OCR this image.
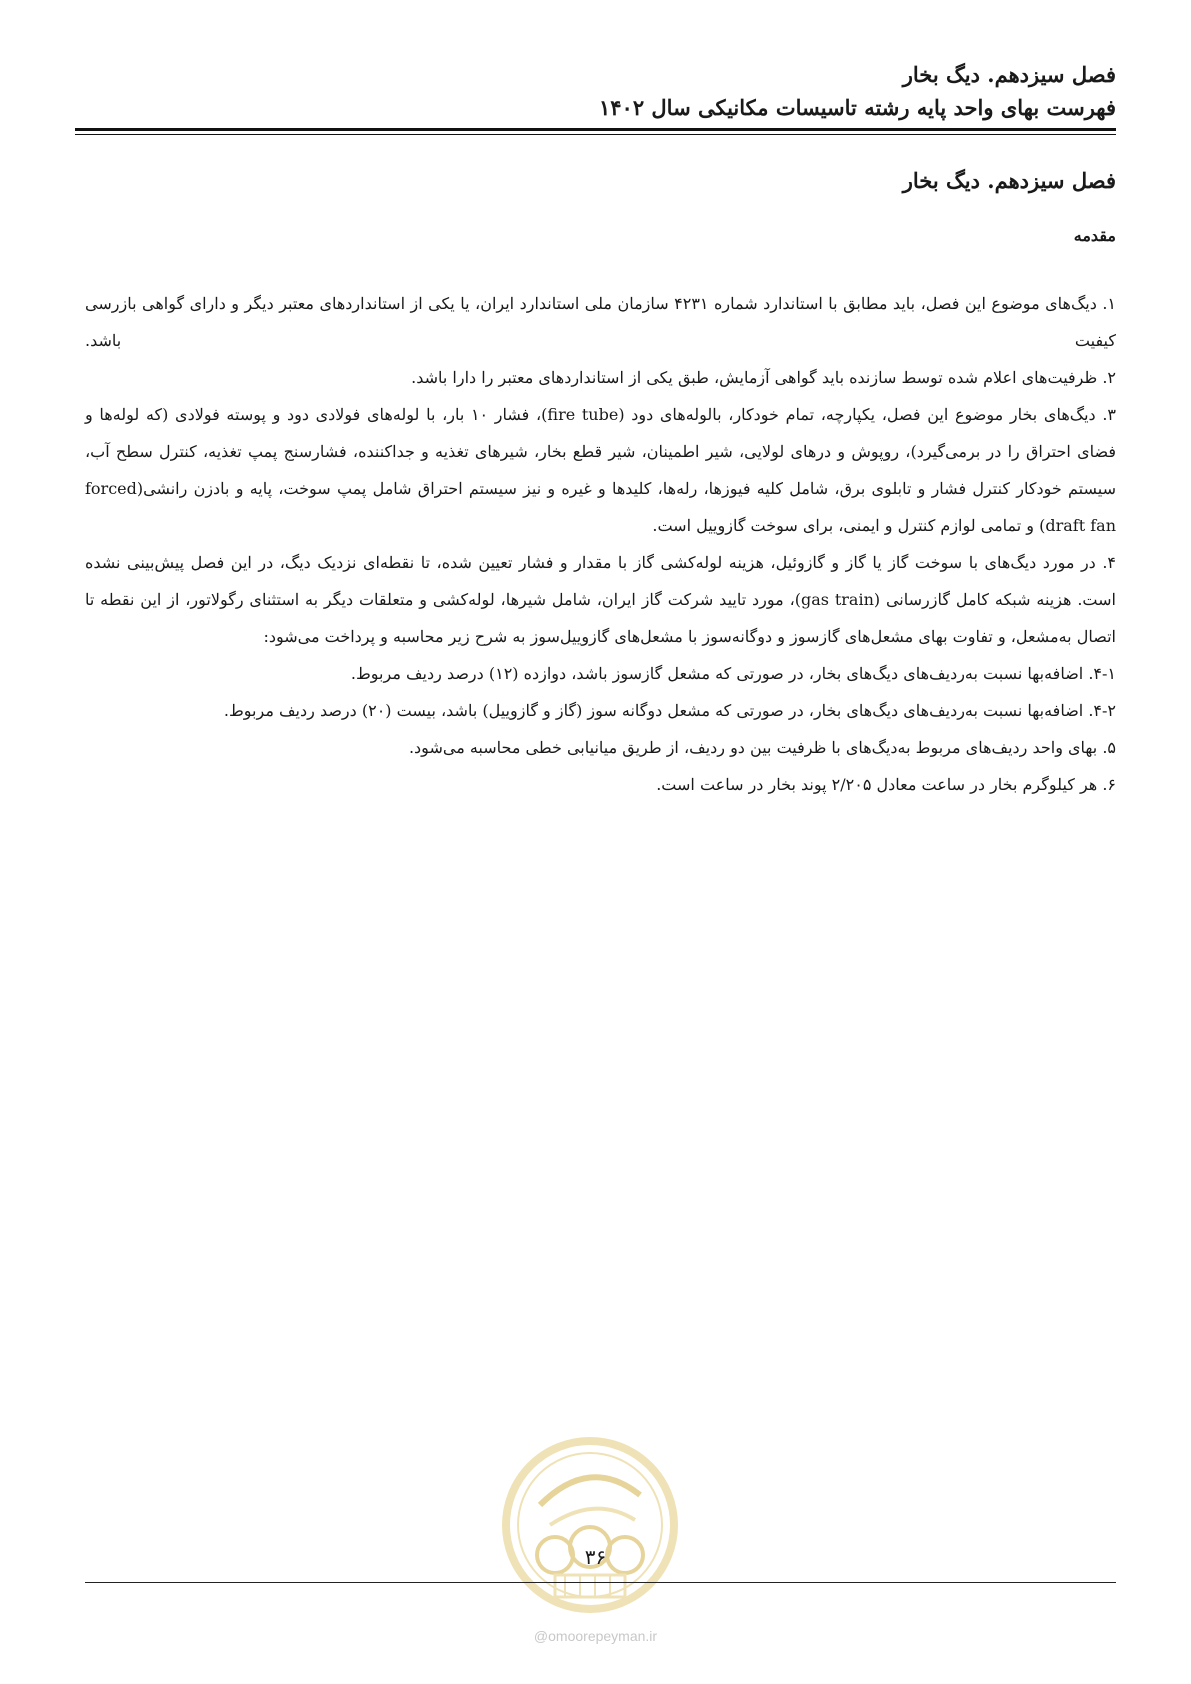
فصل سیزدهم. دیگ بخار
فهرست بهای واحد پایه رشته تاسیسات مکانیکی سال ۱۴۰۲
فصل سیزدهم. دیگ بخار
مقدمه

۱. دیگ‌های موضوع این فصل، باید مطابق با استاندارد شماره ۴۲۳۱ سازمان ملی استاندارد ایران، یا یکی از استانداردهای معتبر دیگر و دارای گواهی بازرسی کیفیت باشد.

۲. ظرفیت‌های اعلام شده توسط سازنده باید گواهی آزمایش، طبق یکی از استانداردهای معتبر را دارا باشد.

۳. دیگ‌های بخار موضوع این فصل، یکپارچه، تمام خودکار، بالوله‌های دود (fire tube)، فشار ۱۰ بار، با لوله‌های فولادی دود و پوسته فولادی (که لوله‌ها و فضای احتراق را در برمی‌گیرد)، روپوش و درهای لولایی، شیر اطمینان، شیر قطع بخار، شیرهای تغذیه و جداکننده، فشارسنج پمپ تغذیه، کنترل سطح آب، سیستم خودکار کنترل فشار و تابلوی برق، شامل کلیه فیوزها، رله‌ها، کلیدها و غیره و نیز سیستم احتراق شامل پمپ سوخت، پایه و بادزن رانشی(forced draft fan) و تمامی لوازم کنترل و ایمنی، برای سوخت گازوییل است.

۴. در مورد دیگ‌های با سوخت گاز یا گاز و گازوئیل، هزینه لوله‌کشی گاز با مقدار و فشار تعیین شده، تا نقطه‌ای نزدیک دیگ، در این فصل پیش‌بینی نشده است. هزینه شبکه کامل گازرسانی (gas train)، مورد تایید شرکت گاز ایران، شامل شیرها، لوله‌کشی و متعلقات دیگر به استثنای رگولاتور، از این نقطه تا اتصال به‌مشعل، و تفاوت بهای مشعل‌های گازسوز و دوگانه‌سوز با مشعل‌های گازوییل‌سوز به شرح زیر محاسبه و پرداخت می‌شود:

۴-۱. اضافه‌بها نسبت به‌ردیف‌های دیگ‌های بخار، در صورتی که مشعل گازسوز باشد، دوازده (۱۲) درصد ردیف مربوط.

۴-۲. اضافه‌بها نسبت به‌ردیف‌های دیگ‌های بخار، در صورتی که مشعل دوگانه سوز (گاز و گازوییل) باشد، بیست (۲۰) درصد ردیف مربوط.

۵. بهای واحد ردیف‌های مربوط به‌دیگ‌های با ظرفیت بین دو ردیف، از طریق میانیابی خطی محاسبه می‌شود.

۶. هر کیلوگرم بخار در ساعت معادل ۲/۲۰۵ پوند بخار در ساعت است.

۳۶
@omoorepeyman.ir
